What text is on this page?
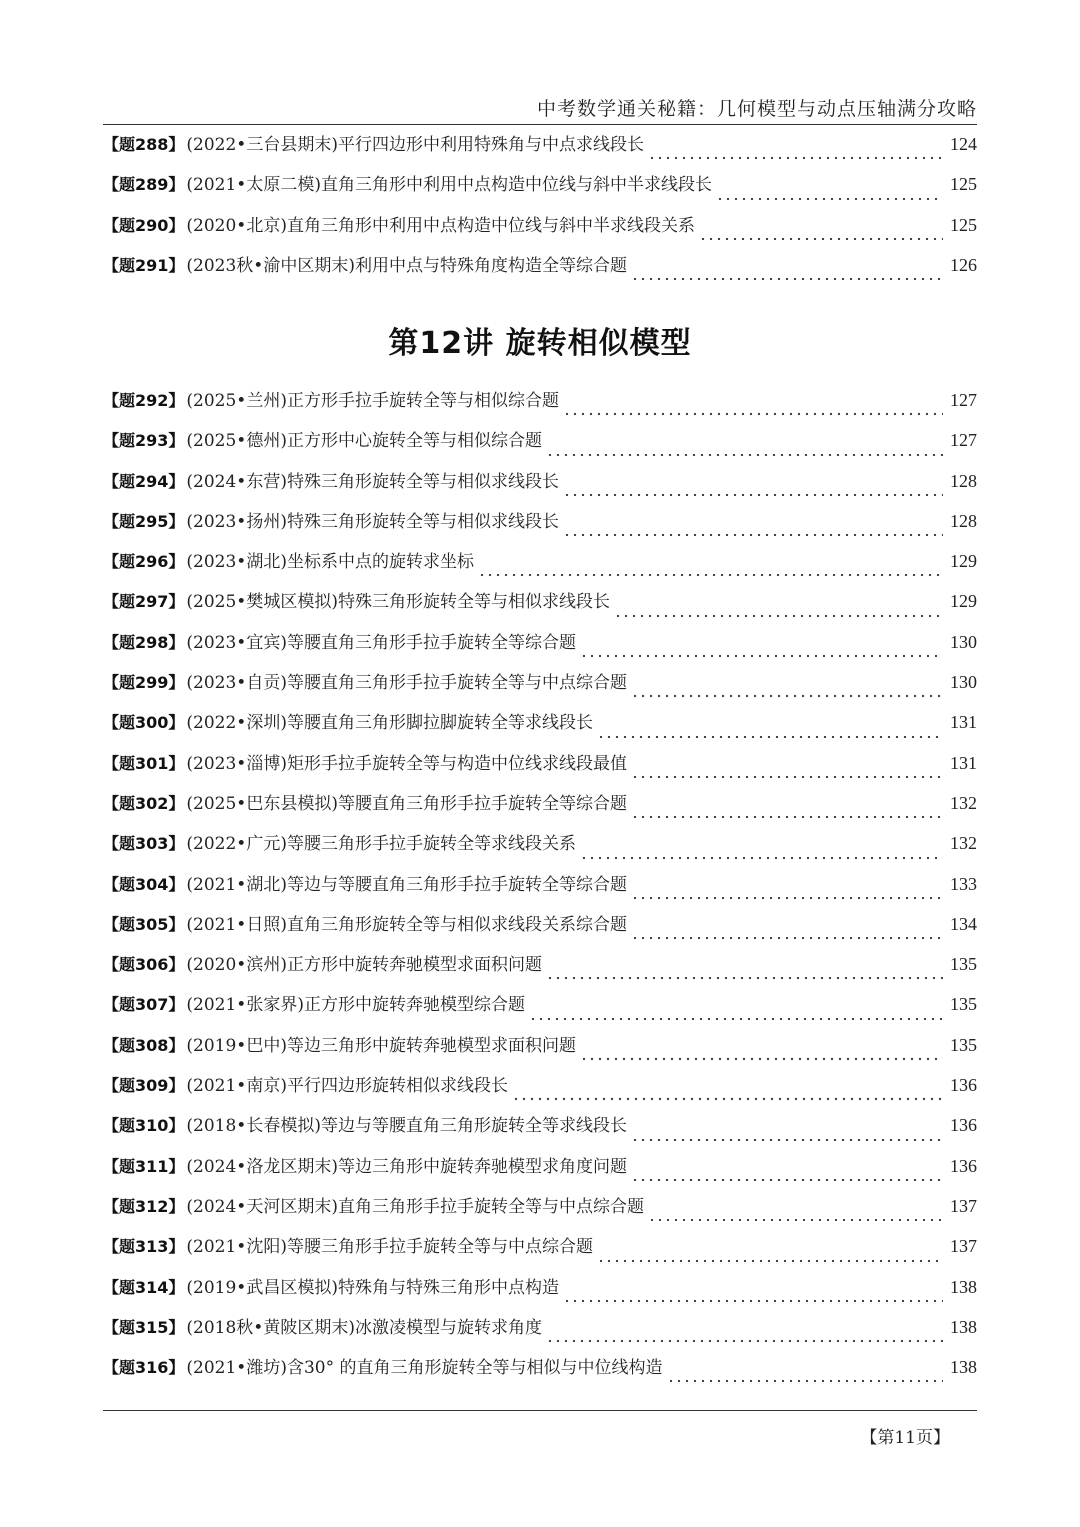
中考数学通关秘籍：几何模型与动点压轴满分攻略
【题288】 (2022•三台县期末) 平行四边形中利用特殊角与中点求线段长	124
【题289】 (2021•太原二模) 直角三角形中利用中点构造中位线与斜中半求线段长	125
【题290】 (2020•北京) 直角三角形中利用中点构造中位线与斜中半求线段关系	125
【题291】 (2023秋•渝中区期末) 利用中点与特殊角度构造全等综合题	126
第12讲 旋转相似模型
【题292】 (2025•兰州) 正方形手拉手旋转全等与相似综合题	127
【题293】 (2025•德州) 正方形中心旋转全等与相似综合题	127
【题294】 (2024•东营) 特殊三角形旋转全等与相似求线段长	128
【题295】 (2023•扬州) 特殊三角形旋转全等与相似求线段长	128
【题296】 (2023•湖北) 坐标系中点的旋转求坐标	129
【题297】 (2025•樊城区模拟) 特殊三角形旋转全等与相似求线段长	129
【题298】 (2023•宜宾) 等腰直角三角形手拉手旋转全等综合题	130
【题299】 (2023•自贡) 等腰直角三角形手拉手旋转全等与中点综合题	130
【题300】 (2022•深圳) 等腰直角三角形脚拉脚旋转全等求线段长	131
【题301】 (2023•淄博) 矩形手拉手旋转全等与构造中位线求线段最值	131
【题302】 (2025•巴东县模拟) 等腰直角三角形手拉手旋转全等综合题	132
【题303】 (2022•广元) 等腰三角形手拉手旋转全等求线段关系	132
【题304】 (2021•湖北) 等边与等腰直角三角形手拉手旋转全等综合题	133
【题305】 (2021•日照) 直角三角形旋转全等与相似求线段关系综合题	134
【题306】 (2020•滨州) 正方形中旋转奔驰模型求面积问题	135
【题307】 (2021•张家界) 正方形中旋转奔驰模型综合题	135
【题308】 (2019•巴中) 等边三角形中旋转奔驰模型求面积问题	135
【题309】 (2021•南京) 平行四边形旋转相似求线段长	136
【题310】 (2018•长春模拟) 等边与等腰直角三角形旋转全等求线段长	136
【题311】 (2024•洛龙区期末) 等边三角形中旋转奔驰模型求角度问题	136
【题312】 (2024•天河区期末) 直角三角形手拉手旋转全等与中点综合题	137
【题313】 (2021•沈阳) 等腰三角形手拉手旋转全等与中点综合题	137
【题314】 (2019•武昌区模拟) 特殊角与特殊三角形中点构造	138
【题315】 (2018秋•黄陂区期末) 冰激凌模型与旋转求角度	138
【题316】 (2021•潍坊) 含30° 的直角三角形旋转全等与相似与中位线构造	138
【第11页】
